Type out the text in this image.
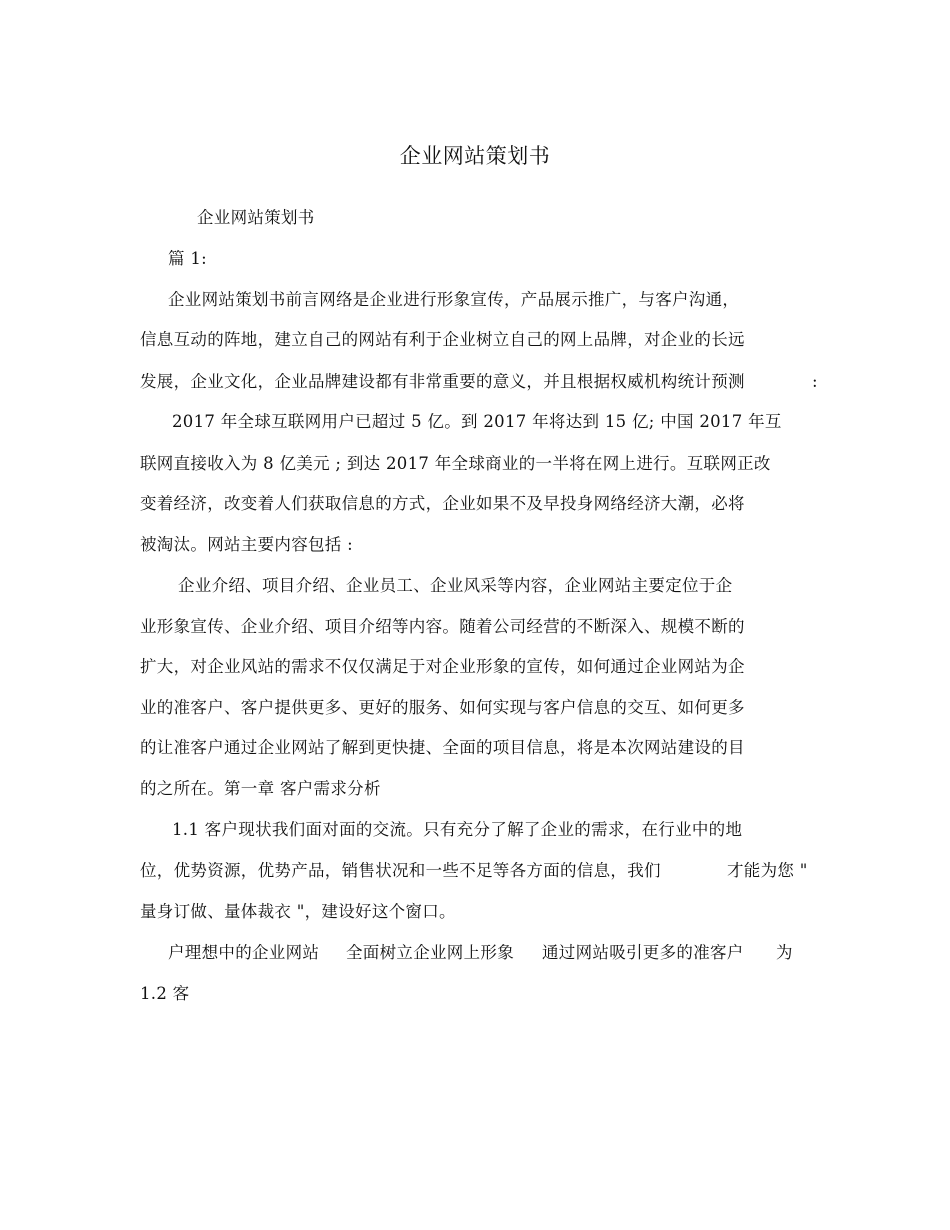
企业网站策划书
企业网站策划书
篇 1:
企业网站策划书前言网络是企业进行形象宣传，产品展示推广，与客户沟通，
信息互动的阵地，建立自己的网站有利于企业树立自己的网上品牌，对企业的长远
发展，企业文化，企业品牌建设都有非常重要的意义，并且根据权威机构统计预测	:
2017 年全球互联网用户已超过 5 亿。到 2017 年将达到 15 亿; 中国 2017 年互
联网直接收入为 8 亿美元 ; 到达 2017 年全球商业的一半将在网上进行。互联网正改
变着经济，改变着人们获取信息的方式，企业如果不及早投身网络经济大潮，必将
被淘汰。网站主要内容包括 :
企业介绍、项目介绍、企业员工、企业风采等内容，企业网站主要定位于企
业形象宣传、企业介绍、项目介绍等内容。随着公司经营的不断深入、规模不断的
扩大，对企业风站的需求不仅仅满足于对企业形象的宣传，如何通过企业网站为企
业的准客户、客户提供更多、更好的服务、如何实现与客户信息的交互、如何更多
的让准客户通过企业网站了解到更快捷、全面的项目信息，将是本次网站建设的目
的之所在。第一章 客户需求分析
1.1 客户现状我们面对面的交流。只有充分了解了企业的需求，在行业中的地
位，优势资源，优势产品，销售状况和一些不足等各方面的信息，我们	才能为您 "
量身订做、量体裁衣 "，建设好这个窗口。
户理想中的企业网站 全面树立企业网上形象 通过网站吸引更多的准客户 为
1.2 客
